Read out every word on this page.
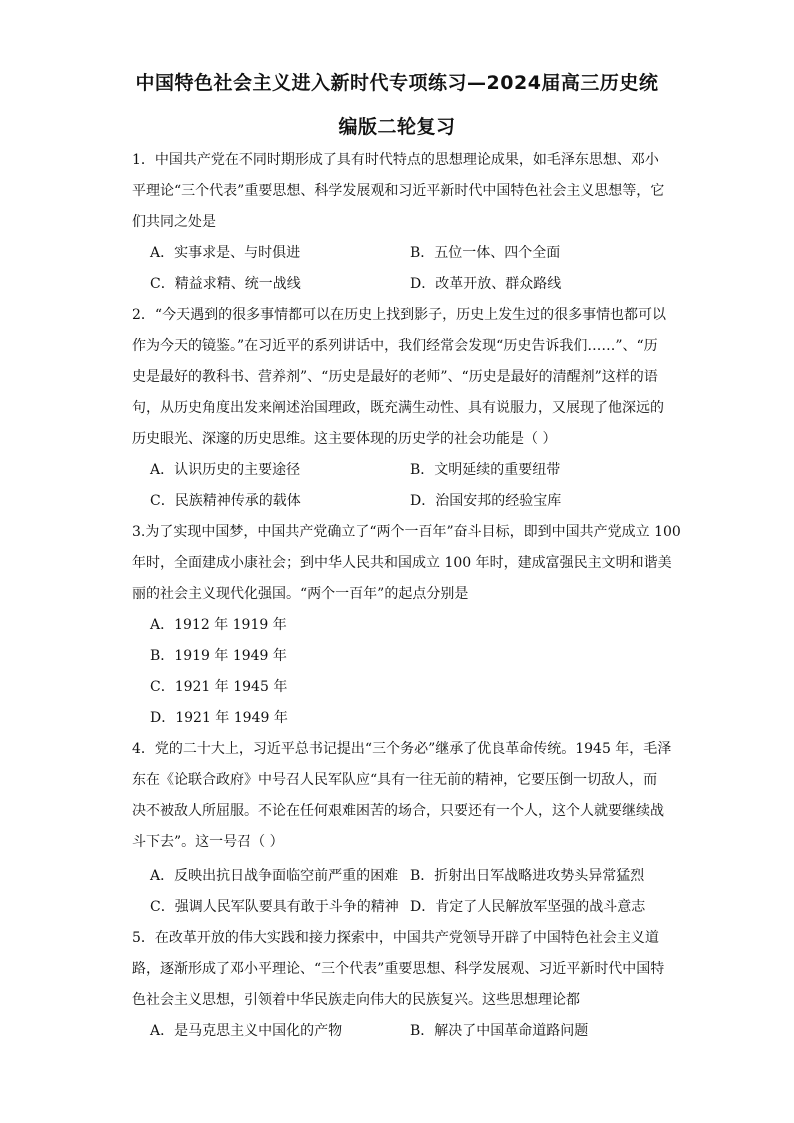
中国特色社会主义进入新时代专项练习—2024届高三历史统
编版二轮复习
1．中国共产党在不同时期形成了具有时代特点的思想理论成果，如毛泽东思想、邓小
平理论“三个代表”重要思想、科学发展观和习近平新时代中国特色社会主义思想等，它
们共同之处是
A．实事求是、与时俱进	B．五位一体、四个全面
C．精益求精、统一战线	D．改革开放、群众路线
2．“今天遇到的很多事情都可以在历史上找到影子，历史上发生过的很多事情也都可以
作为今天的镜鉴。”在习近平的系列讲话中，我们经常会发现“历史告诉我们……”、“历
史是最好的教科书、营养剂”、“历史是最好的老师”、“历史是最好的清醒剂”这样的语
句，从历史角度出发来阐述治国理政，既充满生动性、具有说服力，又展现了他深远的
历史眼光、深邃的历史思维。这主要体现的历史学的社会功能是（ ）
A．认识历史的主要途径	B．文明延续的重要纽带
C．民族精神传承的载体	D．治国安邦的经验宝库
3.为了实现中国梦，中国共产党确立了“两个一百年”奋斗目标，即到中国共产党成立 100
年时，全面建成小康社会；到中华人民共和国成立 100 年时，建成富强民主文明和谐美
丽的社会主义现代化强国。“两个一百年”的起点分别是
A．1912 年 1919 年
B．1919 年 1949 年
C．1921 年 1945 年
D．1921 年 1949 年
4．党的二十大上，习近平总书记提出“三个务必”继承了优良革命传统。1945 年，毛泽
东在《论联合政府》中号召人民军队应“具有一往无前的精神，它要压倒一切敌人，而
决不被敌人所屈服。不论在任何艰难困苦的场合，只要还有一个人，这个人就要继续战
斗下去”。这一号召（ ）
A．反映出抗日战争面临空前严重的困难 B．折射出日军战略进攻势头异常猛烈
C．强调人民军队要具有敢于斗争的精神 D．肯定了人民解放军坚强的战斗意志
5．在改革开放的伟大实践和接力探索中，中国共产党领导开辟了中国特色社会主义道
路，逐渐形成了邓小平理论、“三个代表”重要思想、科学发展观、习近平新时代中国特
色社会主义思想，引领着中华民族走向伟大的民族复兴。这些思想理论都
A．是马克思主义中国化的产物	B．解决了中国革命道路问题
